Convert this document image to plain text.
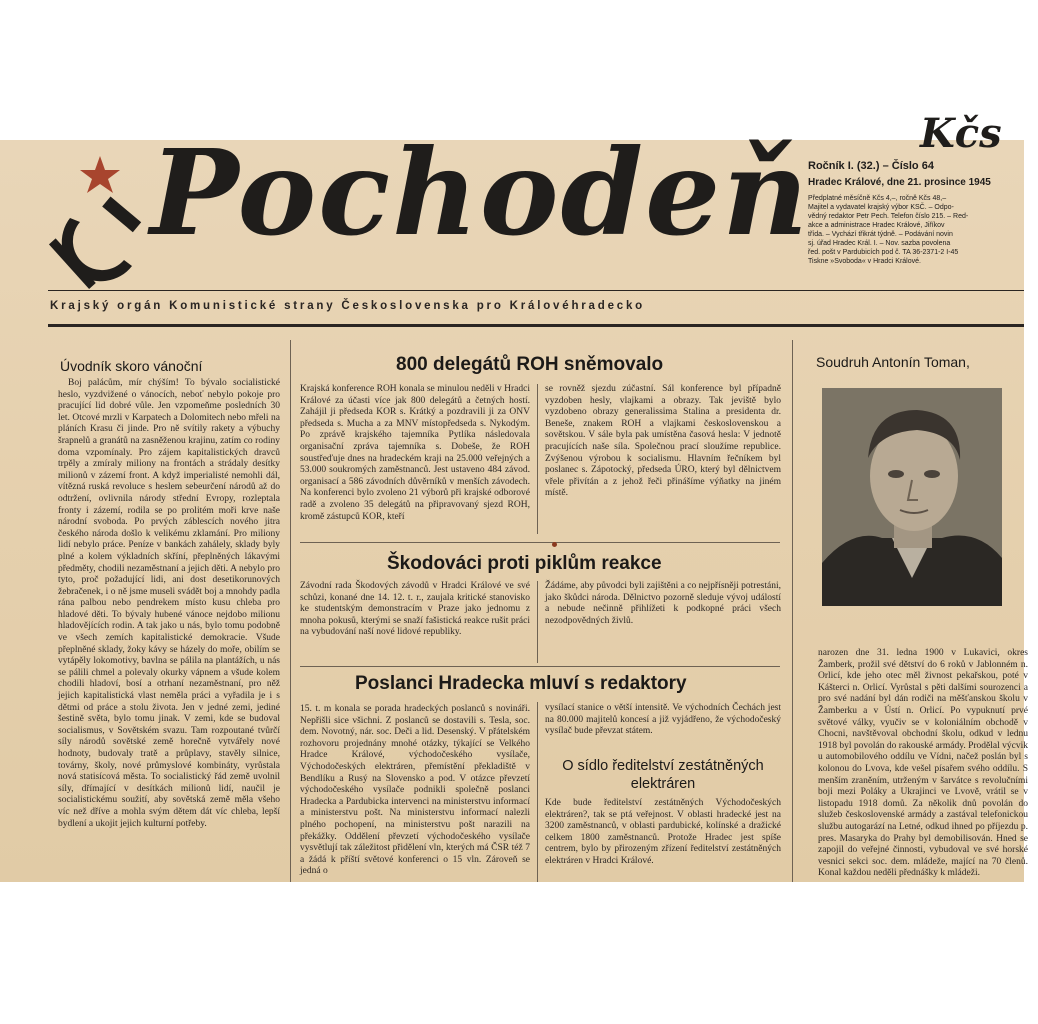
Pochodeň	Kčs
Ročník I. (32.) – Číslo 64
Hradec Králové, dne 21. prosince 1945
Předplatné měsíčně Kčs 4,–, ročně Kčs 48,–
Majitel a vydavatel krajský výbor KSČ. – Odpo-
vědný redaktor Petr Pech. Telefon číslo 215. – Red-
akce a administrace Hradec Králové, Jiříkov
třída. – Vychází třikrát týdně. – Podávání novin
sj. úřad Hradec Král. I. – Nov. sazba povolena
řed. pošt v Pardubicích pod č. TA 36-2371-2 I-45
Tiskne »Svoboda« v Hradci Králové.
Krajský orgán Komunistické strany Československa pro Královéhradecko
Úvodník skoro vánoční
Boj palácům, mír chýším! To bývalo socialistické heslo, vyzdvižené o vánocích, neboť nebylo pokoje pro pracující lid dobré vůle. Jen vzpomeňme posledních 30 let. Otcové mrzli v Karpatech a Dolomitech nebo mřeli na pláních Krasu či jinde. Pro ně svítily rakety a výbuchy šrapnelů a granátů na zasněženou krajinu, zatím co rodiny doma vzpomínaly. Pro zájem kapitalistických dravců trpěly a zmíraly miliony na frontách a strádaly desítky milionů v zázemí front. A když imperialisté nemohli dál, vítězná ruská revoluce s heslem sebeurčení národů až do odtržení, ovlivnila národy střední Evropy, rozleptala fronty i zázemí, rodila se po prolitém moři krve naše národní svoboda. Po prvých záblescích nového jitra českého národa došlo k velikému zklamání. Pro miliony lidí nebylo práce. Peníze v bankách zahálely, sklady byly plné a kolem výkladních skříní, přeplněných lákavými předměty, chodili nezaměstnaní a jejich děti. A nebylo pro tyto, proč požadující lidi, ani dost desetikorunových žebračenek, i o ně jsme museli svádět boj a mnohdy padla rána palbou nebo pendrekem místo kusu chleba pro hladové děti. To bývaly hubené vánoce nejdobo milionu hladovějících rodin. A tak jako u nás, bylo tomu podobně ve všech zemích kapitalistické demokracie. Všude přeplněné sklady, žoky kávy se házely do moře, obilím se vytápěly lokomotivy, bavlna se pálila na plantážích, u nás se pálili chmel a polevaly okurky vápnem a všude kolem chodili hladoví, bosí a otrhaní nezaměstnaní, pro něž jejich kapitalistická vlast neměla práci a vyřadila je i s dětmi od práce a stolu života. Jen v jedné zemi, jediné šestině světa, bylo tomu jinak. V zemi, kde se budoval socialismus, v Sovětském svazu. Tam rozpoutané tvůrčí síly národů sovětské země horečně vytvářely nové hodnoty, budovaly tratě a průplavy, stavěly silnice, továrny, školy, nové průmyslové kombináty, vyrůstala nová statisícová města. To socialistický řád země uvolnil síly, dřímající v desítkách milionů lidí, naučil je socialistickému soužití, aby sovětská země měla všeho víc než dříve a mohla svým dětem dát víc chleba, lepší bydlení a ukojit jejich kulturní potřeby.
800 delegátů ROH sněmovalo
Krajská konference ROH konala se minulou neděli v Hradci Králové za účasti více jak 800 delegátů a četných hostí. Zahájil ji předseda KOR s. Krátký a pozdravili ji za ONV předseda s. Mucha a za MNV místopředseda s. Nykodým. Po zprávě krajského tajemníka Pytlíka následovala organisační zpráva tajemníka s. Dobeše, že ROH soustřeďuje dnes na hradeckém kraji na 25.000 veřejných a 53.000 soukromých zaměstnanců. Jest ustaveno 484 závod. organisací a 586 závodních důvěrníků v menších závodech. Na konferenci bylo zvoleno 21 výborů při krajské odborové radě a zvoleno 35 delegátů na připravovaný sjezd ROH, kromě zástupců KOR, kteří
se rovněž sjezdu zúčastní. Sál konference byl případně vyzdoben hesly, vlajkami a obrazy. Tak jeviště bylo vyzdobeno obrazy generalissima Stalina a presidenta dr. Beneše, znakem ROH a vlajkami československou a sovětskou. V sále byla pak umístěna časová hesla: V jednotě pracujících naše síla. Společnou prací sloužíme republice. Zvýšenou výrobou k socialismu. Hlavním řečníkem byl poslanec s. Zápotocký, předseda ÚRO, který byl dělnictvem vřele přivítán a z jehož řeči přinášíme výňatky na jiném místě.
Škodováci proti piklům reakce
Závodní rada Škodových závodů v Hradci Králové ve své schůzi, konané dne 14. 12. t. r., zaujala kritické stanovisko ke studentským demonstracím v Praze jako jednomu z mnoha pokusů, kterými se snaží fašistická reakce rušit práci na vybudování naší nové lidové republiky.
Žádáme, aby původci byli zajištěni a co nejpřísněji potrestáni, jako škůdci národa. Dělnictvo pozorně sleduje vývoj událostí a nebude nečinně přihlížeti k podkopné práci všech nezodpovědných živlů.
Poslanci Hradecka mluví s redaktory
15. t. m konala se porada hradeckých poslanců s novináři. Nepřišli sice všichni. Z poslanců se dostavili s. Tesla, soc. dem. Novotný, nár. soc. Deči a lid. Desenský. V přátelském rozhovoru projednány mnohé otázky, týkající se Velkého Hradce Králové, východočeského vysílače, Východočeských elektráren, přemístění překladiště v Bendlíku a Rusý na Slovensko a pod. V otázce převzetí východočeského vysílače podnikli společně poslanci Hradecka a Pardubicka intervenci na ministerstvu informací a ministerstvu pošt. Na ministerstvu informací nalezli plného pochopení, na ministerstvu pošt narazili na překážky. Oddělení převzetí východočeského vysílače vysvětlují tak záležitost přidělení vln, kterých má ČSR též 7 a žádá k příští světové konferenci o 15 vln. Zároveň se jedná o
vysílací stanice o větší intensitě. Ve východních Čechách jest na 80.000 majitelů koncesí a již vyjádřeno, že východočeský vysílač bude převzat státem.
O sídlo ředitelství zestátněných elektráren
Kde bude ředitelství zestátněných Východočeských elektráren?, tak se ptá veřejnost. V oblasti hradecké jest na 3200 zaměstnanců, v oblasti pardubické, kolínské a dražické celkem 1800 zaměstnanců. Protože Hradec jest spíše centrem, bylo by přirozeným zřízení ředitelství zestátněných elektráren v Hradci Králové.
Soudruh Antonín Toman,
narozen dne 31. ledna 1900 v Lukavici, okres Žamberk, prožil své dětství do 6 roků v Jablonném n. Orlicí, kde jeho otec měl živnost pekařskou, poté v Kášterci n. Orlicí. Vyrůstal s pěti dalšími sourozenci a pro své nadání byl dán rodiči na měšťanskou školu v Žamberku a v Ústí n. Orlicí. Po vypuknutí prvé světové války, vyučiv se v koloniálním obchodě v Chocni, navštěvoval obchodní školu, odkud v lednu 1918 byl povolán do rakouské armády. Prodělal výcvik u automobilového oddílu ve Vídni, načež poslán byl s kolonou do Lvova, kde vešel písařem svého oddílu. S menším zraněním, utrženým v šarvátce s revolučními boji mezi Poláky a Ukrajinci ve Lvově, vrátil se v listopadu 1918 domů. Za několik dnů povolán do služeb československé armády a zastával telefonickou službu autogarází na Letné, odkud ihned po příjezdu p. pres. Masaryka do Prahy byl demobilisován. Hned se zapojil do veřejné činnosti, vybudoval ve své horské vesnici sekci soc. dem. mládeže, mající na 70 členů. Konal každou neděli přednášky k mládeži.
